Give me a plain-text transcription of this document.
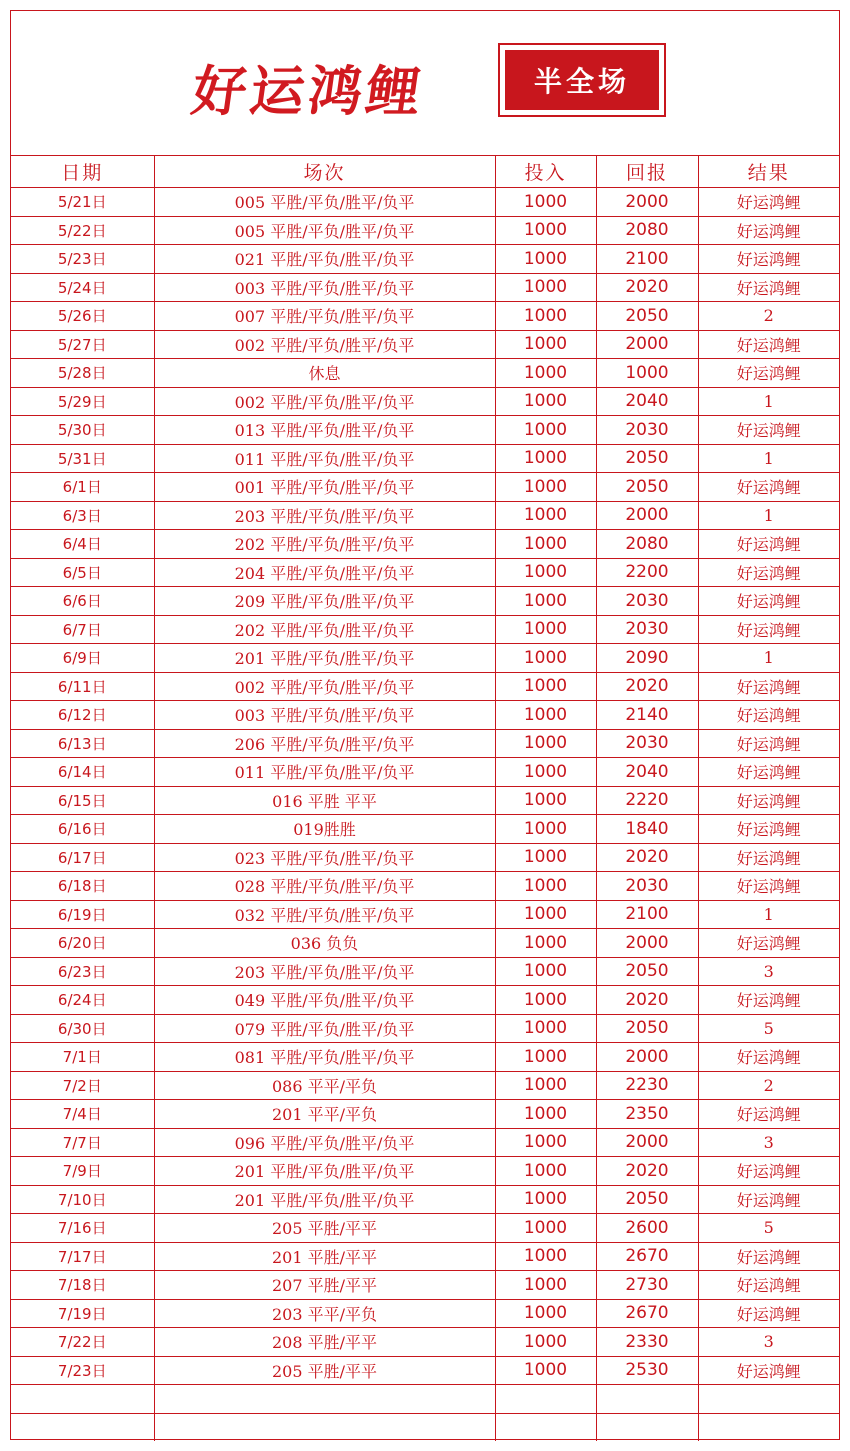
好运鸿鲤	半全场
日期	场次	投入	回报	结果
5/21日	005 平胜/平负/胜平/负平	1000	2000	好运鸿鲤
5/22日	005 平胜/平负/胜平/负平	1000	2080	好运鸿鲤
5/23日	021 平胜/平负/胜平/负平	1000	2100	好运鸿鲤
5/24日	003 平胜/平负/胜平/负平	1000	2020	好运鸿鲤
5/26日	007 平胜/平负/胜平/负平	1000	2050	2
5/27日	002 平胜/平负/胜平/负平	1000	2000	好运鸿鲤
5/28日	休息	1000	1000	好运鸿鲤
5/29日	002 平胜/平负/胜平/负平	1000	2040	1
5/30日	013 平胜/平负/胜平/负平	1000	2030	好运鸿鲤
5/31日	011 平胜/平负/胜平/负平	1000	2050	1
6/1日	001 平胜/平负/胜平/负平	1000	2050	好运鸿鲤
6/3日	203 平胜/平负/胜平/负平	1000	2000	1
6/4日	202 平胜/平负/胜平/负平	1000	2080	好运鸿鲤
6/5日	204 平胜/平负/胜平/负平	1000	2200	好运鸿鲤
6/6日	209 平胜/平负/胜平/负平	1000	2030	好运鸿鲤
6/7日	202 平胜/平负/胜平/负平	1000	2030	好运鸿鲤
6/9日	201 平胜/平负/胜平/负平	1000	2090	1
6/11日	002 平胜/平负/胜平/负平	1000	2020	好运鸿鲤
6/12日	003 平胜/平负/胜平/负平	1000	2140	好运鸿鲤
6/13日	206 平胜/平负/胜平/负平	1000	2030	好运鸿鲤
6/14日	011 平胜/平负/胜平/负平	1000	2040	好运鸿鲤
6/15日	016 平胜 平平	1000	2220	好运鸿鲤
6/16日	019胜胜	1000	1840	好运鸿鲤
6/17日	023 平胜/平负/胜平/负平	1000	2020	好运鸿鲤
6/18日	028 平胜/平负/胜平/负平	1000	2030	好运鸿鲤
6/19日	032 平胜/平负/胜平/负平	1000	2100	1
6/20日	036 负负	1000	2000	好运鸿鲤
6/23日	203 平胜/平负/胜平/负平	1000	2050	3
6/24日	049 平胜/平负/胜平/负平	1000	2020	好运鸿鲤
6/30日	079 平胜/平负/胜平/负平	1000	2050	5
7/1日	081 平胜/平负/胜平/负平	1000	2000	好运鸿鲤
7/2日	086 平平/平负	1000	2230	2
7/4日	201 平平/平负	1000	2350	好运鸿鲤
7/7日	096 平胜/平负/胜平/负平	1000	2000	3
7/9日	201 平胜/平负/胜平/负平	1000	2020	好运鸿鲤
7/10日	201 平胜/平负/胜平/负平	1000	2050	好运鸿鲤
7/16日	205 平胜/平平	1000	2600	5
7/17日	201 平胜/平平	1000	2670	好运鸿鲤
7/18日	207 平胜/平平	1000	2730	好运鸿鲤
7/19日	203 平平/平负	1000	2670	好运鸿鲤
7/22日	208 平胜/平平	1000	2330	3
7/23日	205 平胜/平平	1000	2530	好运鸿鲤
